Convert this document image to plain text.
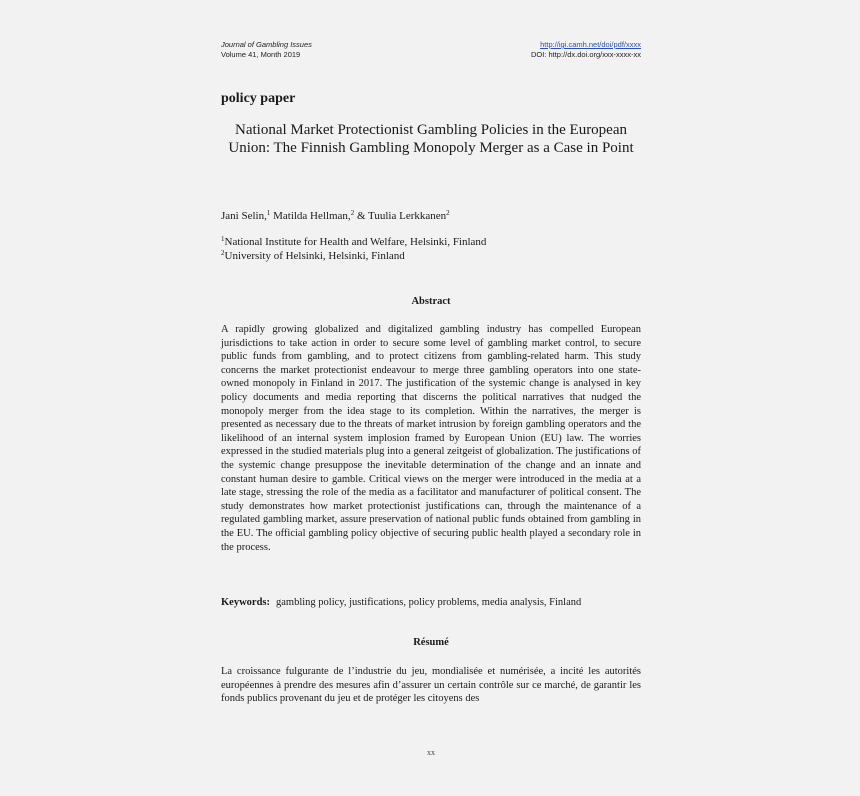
Journal of Gambling Issues
Volume 41, Month 2019
http://igi.camh.net/doi/pdf/xxxx
DOI: http://dx.doi.org/xxx-xxxx-xx
policy paper
National Market Protectionist Gambling Policies in the European Union: The Finnish Gambling Monopoly Merger as a Case in Point
Jani Selin,$^1$ Matilda Hellman,$^2$ & Tuulia Lerkkanen$^2$
$^1$National Institute for Health and Welfare, Helsinki, Finland
$^2$University of Helsinki, Helsinki, Finland
Abstract
A rapidly growing globalized and digitalized gambling industry has compelled European jurisdictions to take action in order to secure some level of gambling market control, to secure public funds from gambling, and to protect citizens from gambling-related harm. This study concerns the market protectionist endeavour to merge three gambling operators into one state-owned monopoly in Finland in 2017. The justification of the systemic change is analysed in key policy documents and media reporting that discerns the political narratives that nudged the monopoly merger from the idea stage to its completion. Within the narratives, the merger is presented as necessary due to the threats of market intrusion by foreign gambling operators and the likelihood of an internal system implosion framed by European Union (EU) law. The worries expressed in the studied materials plug into a general zeitgeist of globalization. The justifications of the systemic change presuppose the inevitable determination of the change and an innate and constant human desire to gamble. Critical views on the merger were introduced in the media at a late stage, stressing the role of the media as a facilitator and manufacturer of political consent. The study demonstrates how market protectionist justifications can, through the maintenance of a regulated gambling market, assure preservation of national public funds obtained from gambling in the EU. The official gambling policy objective of securing public health played a secondary role in the process.
Keywords: gambling policy, justifications, policy problems, media analysis, Finland
Résumé
La croissance fulgurante de l’industrie du jeu, mondialisée et numérisée, a incité les autorités européennes à prendre des mesures afin d’assurer un certain contrôle sur ce marché, de garantir les fonds publics provenant du jeu et de protéger les citoyens des
xx
